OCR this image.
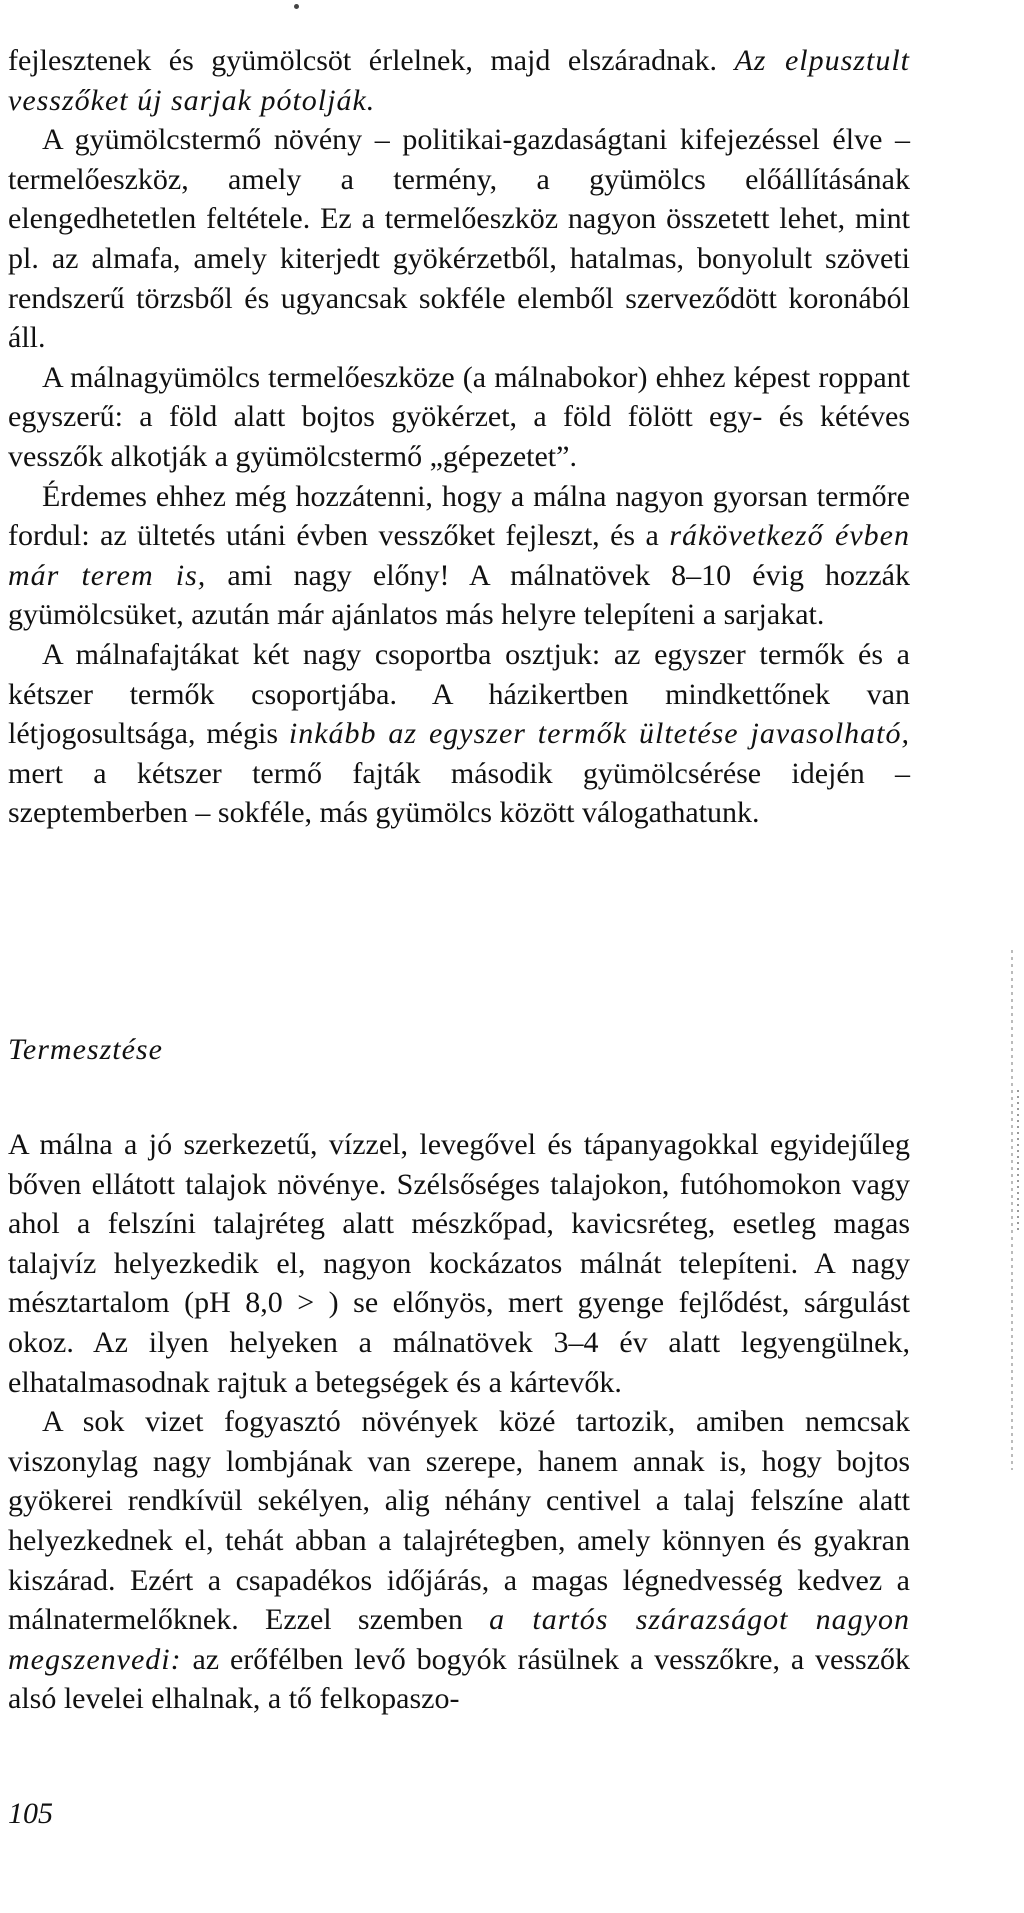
fejlesztenek és gyümölcsöt érlelnek, majd elszáradnak. Az elpusztult vesszőket új sarjak pótolják.

A gyümölcstermő növény – politikai-gazdaságtani kifejezéssel élve – termelőeszköz, amely a termény, a gyümölcs előállításának elengedhetetlen feltétele. Ez a termelőeszköz nagyon összetett lehet, mint pl. az almafa, amely kiterjedt gyökérzetből, hatalmas, bonyolult szöveti rendszerű törzsből és ugyancsak sokféle elemből szerveződött koronából áll.

A málnagyümölcs termelőeszköze (a málnabokor) ehhez képest roppant egyszerű: a föld alatt bojtos gyökérzet, a föld fölött egy- és kétéves vesszők alkotják a gyümölcstermő „gépezetet”.

Érdemes ehhez még hozzátenni, hogy a málna nagyon gyorsan termőre fordul: az ültetés utáni évben vesszőket fejleszt, és a rákövetkező évben már terem is, ami nagy előny! A málnatövek 8–10 évig hozzák gyümölcsüket, azután már ajánlatos más helyre telepíteni a sarjakat.

A málnafajtákat két nagy csoportba osztjuk: az egyszer termők és a kétszer termők csoportjába. A házikertben mindkettőnek van létjogosultsága, mégis inkább az egyszer termők ültetése javasolható, mert a kétszer termő fajták második gyümölcsérése idején – szeptemberben – sokféle, más gyümölcs között válogathatunk.

Termesztése

A málna a jó szerkezetű, vízzel, levegővel és tápanyagokkal egyidejűleg bőven ellátott talajok növénye. Szélsőséges talajokon, futóhomokon vagy ahol a felszíni talajréteg alatt mészkőpad, kavicsréteg, esetleg magas talajvíz helyezkedik el, nagyon kockázatos málnát telepíteni. A nagy mésztartalom (pH 8,0 > ) se előnyös, mert gyenge fejlődést, sárgulást okoz. Az ilyen helyeken a málnatövek 3–4 év alatt legyengülnek, elhatalmasodnak rajtuk a betegségek és a kártevők.

A sok vizet fogyasztó növények közé tartozik, amiben nemcsak viszonylag nagy lombjának van szerepe, hanem annak is, hogy bojtos gyökerei rendkívül sekélyen, alig néhány centivel a talaj felszíne alatt helyezkednek el, tehát abban a talajrétegben, amely könnyen és gyakran kiszárad. Ezért a csapadékos időjárás, a magas légnedvesség kedvez a málnatermelőknek. Ezzel szemben a tartós szárazságot nagyon megszenvedi: az erőfélben levő bogyók rásülnek a vesszőkre, a vesszők alsó levelei elhalnak, a tő felkopaszo-

105
